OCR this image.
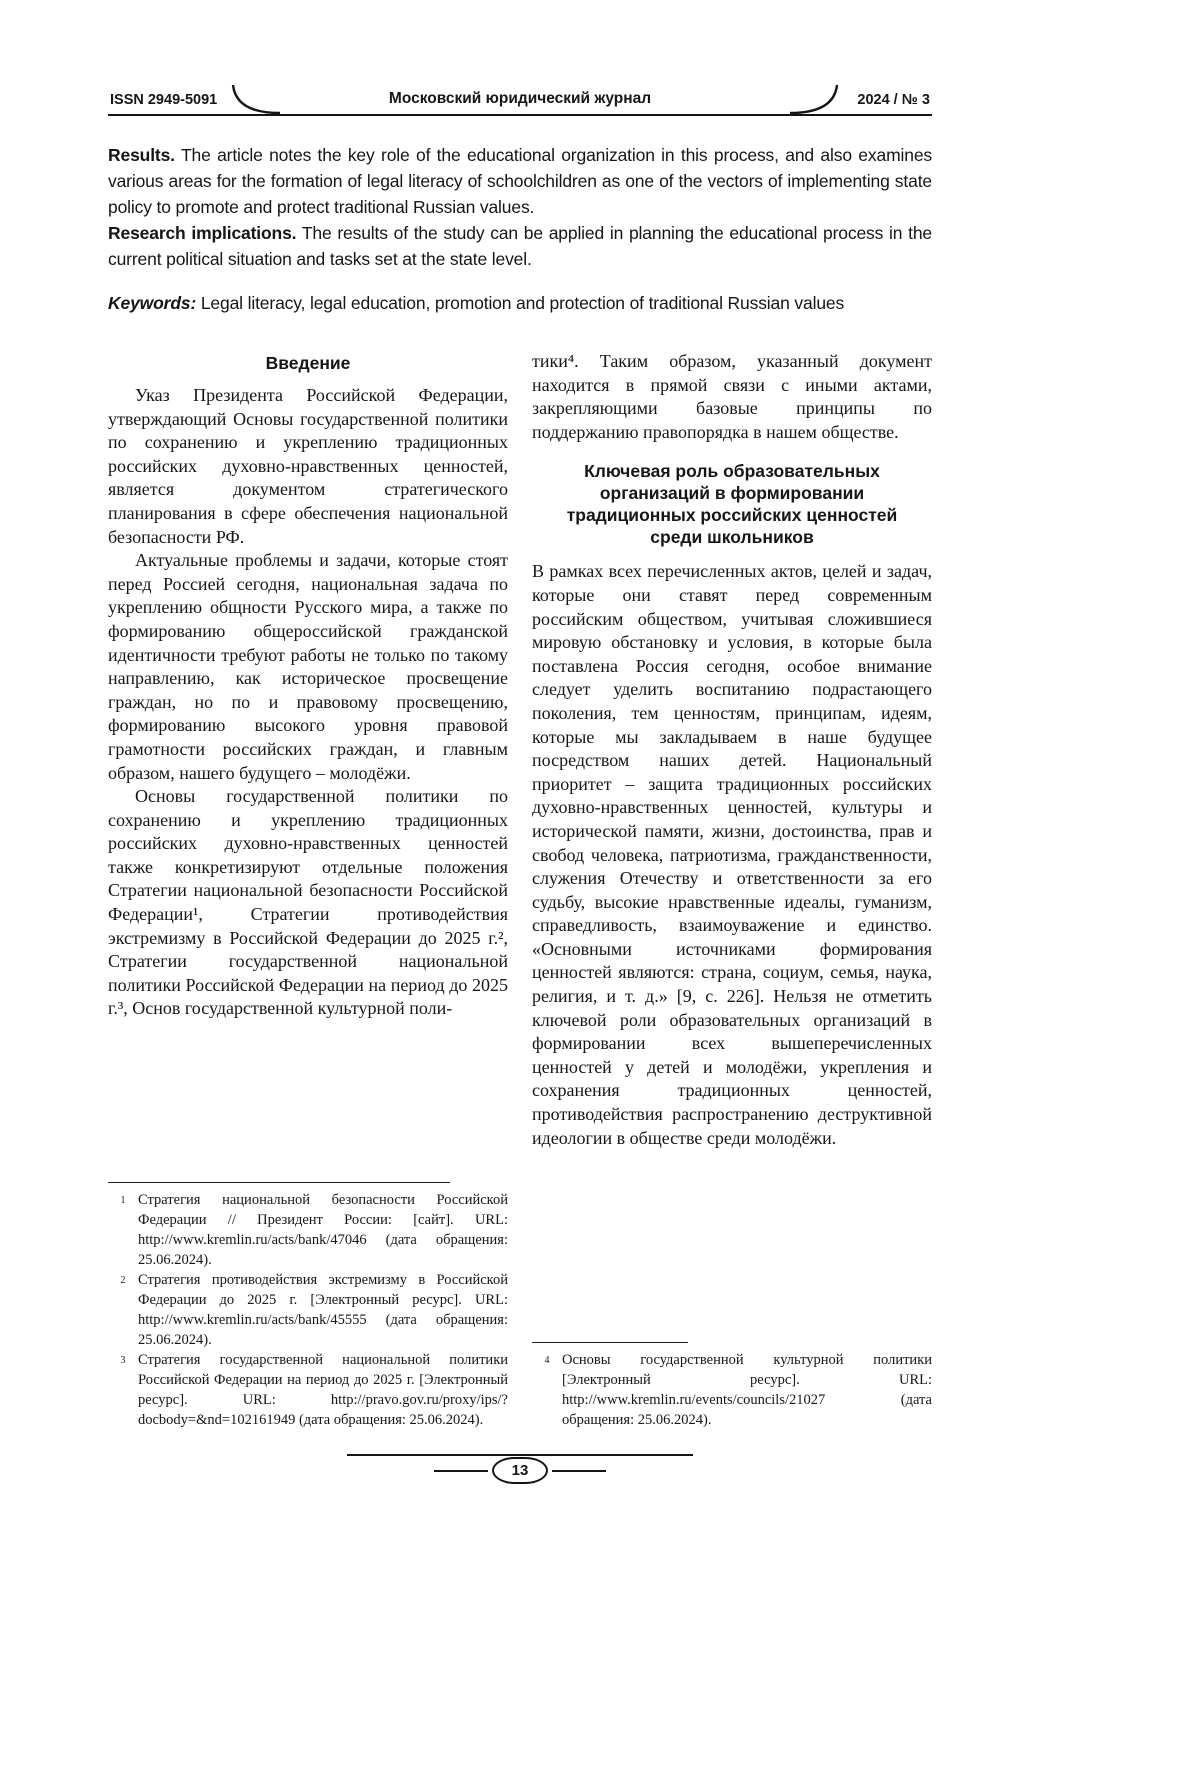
ISSN 2949-5091	Московский юридический журнал	2024 / № 3

Results. The article notes the key role of the educational organization in this process, and also examines various areas for the formation of legal literacy of schoolchildren as one of the vectors of implementing state policy to promote and protect traditional Russian values.

Research implications. The results of the study can be applied in planning the educational process in the current political situation and tasks set at the state level.

Keywords: Legal literacy, legal education, promotion and protection of traditional Russian values

Введение

Указ Президента Российской Федерации, утверждающий Основы государственной политики по сохранению и укреплению традиционных российских духовно-нравственных ценностей, является документом стратегического планирования в сфере обеспечения национальной безопасности РФ.

Актуальные проблемы и задачи, которые стоят перед Россией сегодня, национальная задача по укреплению общности Русского мира, а также по формированию общероссийской гражданской идентичности требуют работы не только по такому направлению, как историческое просвещение граждан, но по и правовому просвещению, формированию высокого уровня правовой грамотности российских граждан, и главным образом, нашего будущего – молодёжи.

Основы государственной политики по сохранению и укреплению традиционных российских духовно-нравственных ценностей также конкретизируют отдельные положения Стратегии национальной безопасности Российской Федерации¹, Стратегии противодействия экстремизму в Российской Федерации до 2025 г.², Стратегии государственной национальной политики Российской Федерации на период до 2025 г.³, Основ государственной культурной поли-

1 Стратегия национальной безопасности Российской Федерации // Президент России: [сайт]. URL: http://www.kremlin.ru/acts/bank/47046 (дата обращения: 25.06.2024).
2 Стратегия противодействия экстремизму в Российской Федерации до 2025 г. [Электронный ресурс]. URL: http://www.kremlin.ru/acts/bank/45555 (дата обращения: 25.06.2024).
3 Стратегия государственной национальной политики Российской Федерации на период до 2025 г. [Электронный ресурс]. URL: http://pravo.gov.ru/proxy/ips/?docbody=&nd=102161949 (дата обращения: 25.06.2024).

тики⁴. Таким образом, указанный документ находится в прямой связи с иными актами, закрепляющими базовые принципы по поддержанию правопорядка в нашем обществе.

Ключевая роль образовательных организаций в формировании традиционных российских ценностей среди школьников

В рамках всех перечисленных актов, целей и задач, которые они ставят перед современным российским обществом, учитывая сложившиеся мировую обстановку и условия, в которые была поставлена Россия сегодня, особое внимание следует уделить воспитанию подрастающего поколения, тем ценностям, принципам, идеям, которые мы закладываем в наше будущее посредством наших детей. Национальный приоритет – защита традиционных российских духовно-нравственных ценностей, культуры и исторической памяти, жизни, достоинства, прав и свобод человека, патриотизма, гражданственности, служения Отечеству и ответственности за его судьбу, высокие нравственные идеалы, гуманизм, справедливость, взаимоуважение и единство. «Основными источниками формирования ценностей являются: страна, социум, семья, наука, религия, и т. д.» [9, с. 226]. Нельзя не отметить ключевой роли образовательных организаций в формировании всех вышеперечисленных ценностей у детей и молодёжи, укрепления и сохранения традиционных ценностей, противодействия распространению деструктивной идеологии в обществе среди молодёжи.

4 Основы государственной культурной политики [Электронный ресурс]. URL: http://www.kremlin.ru/events/councils/21027 (дата обращения: 25.06.2024).
13
